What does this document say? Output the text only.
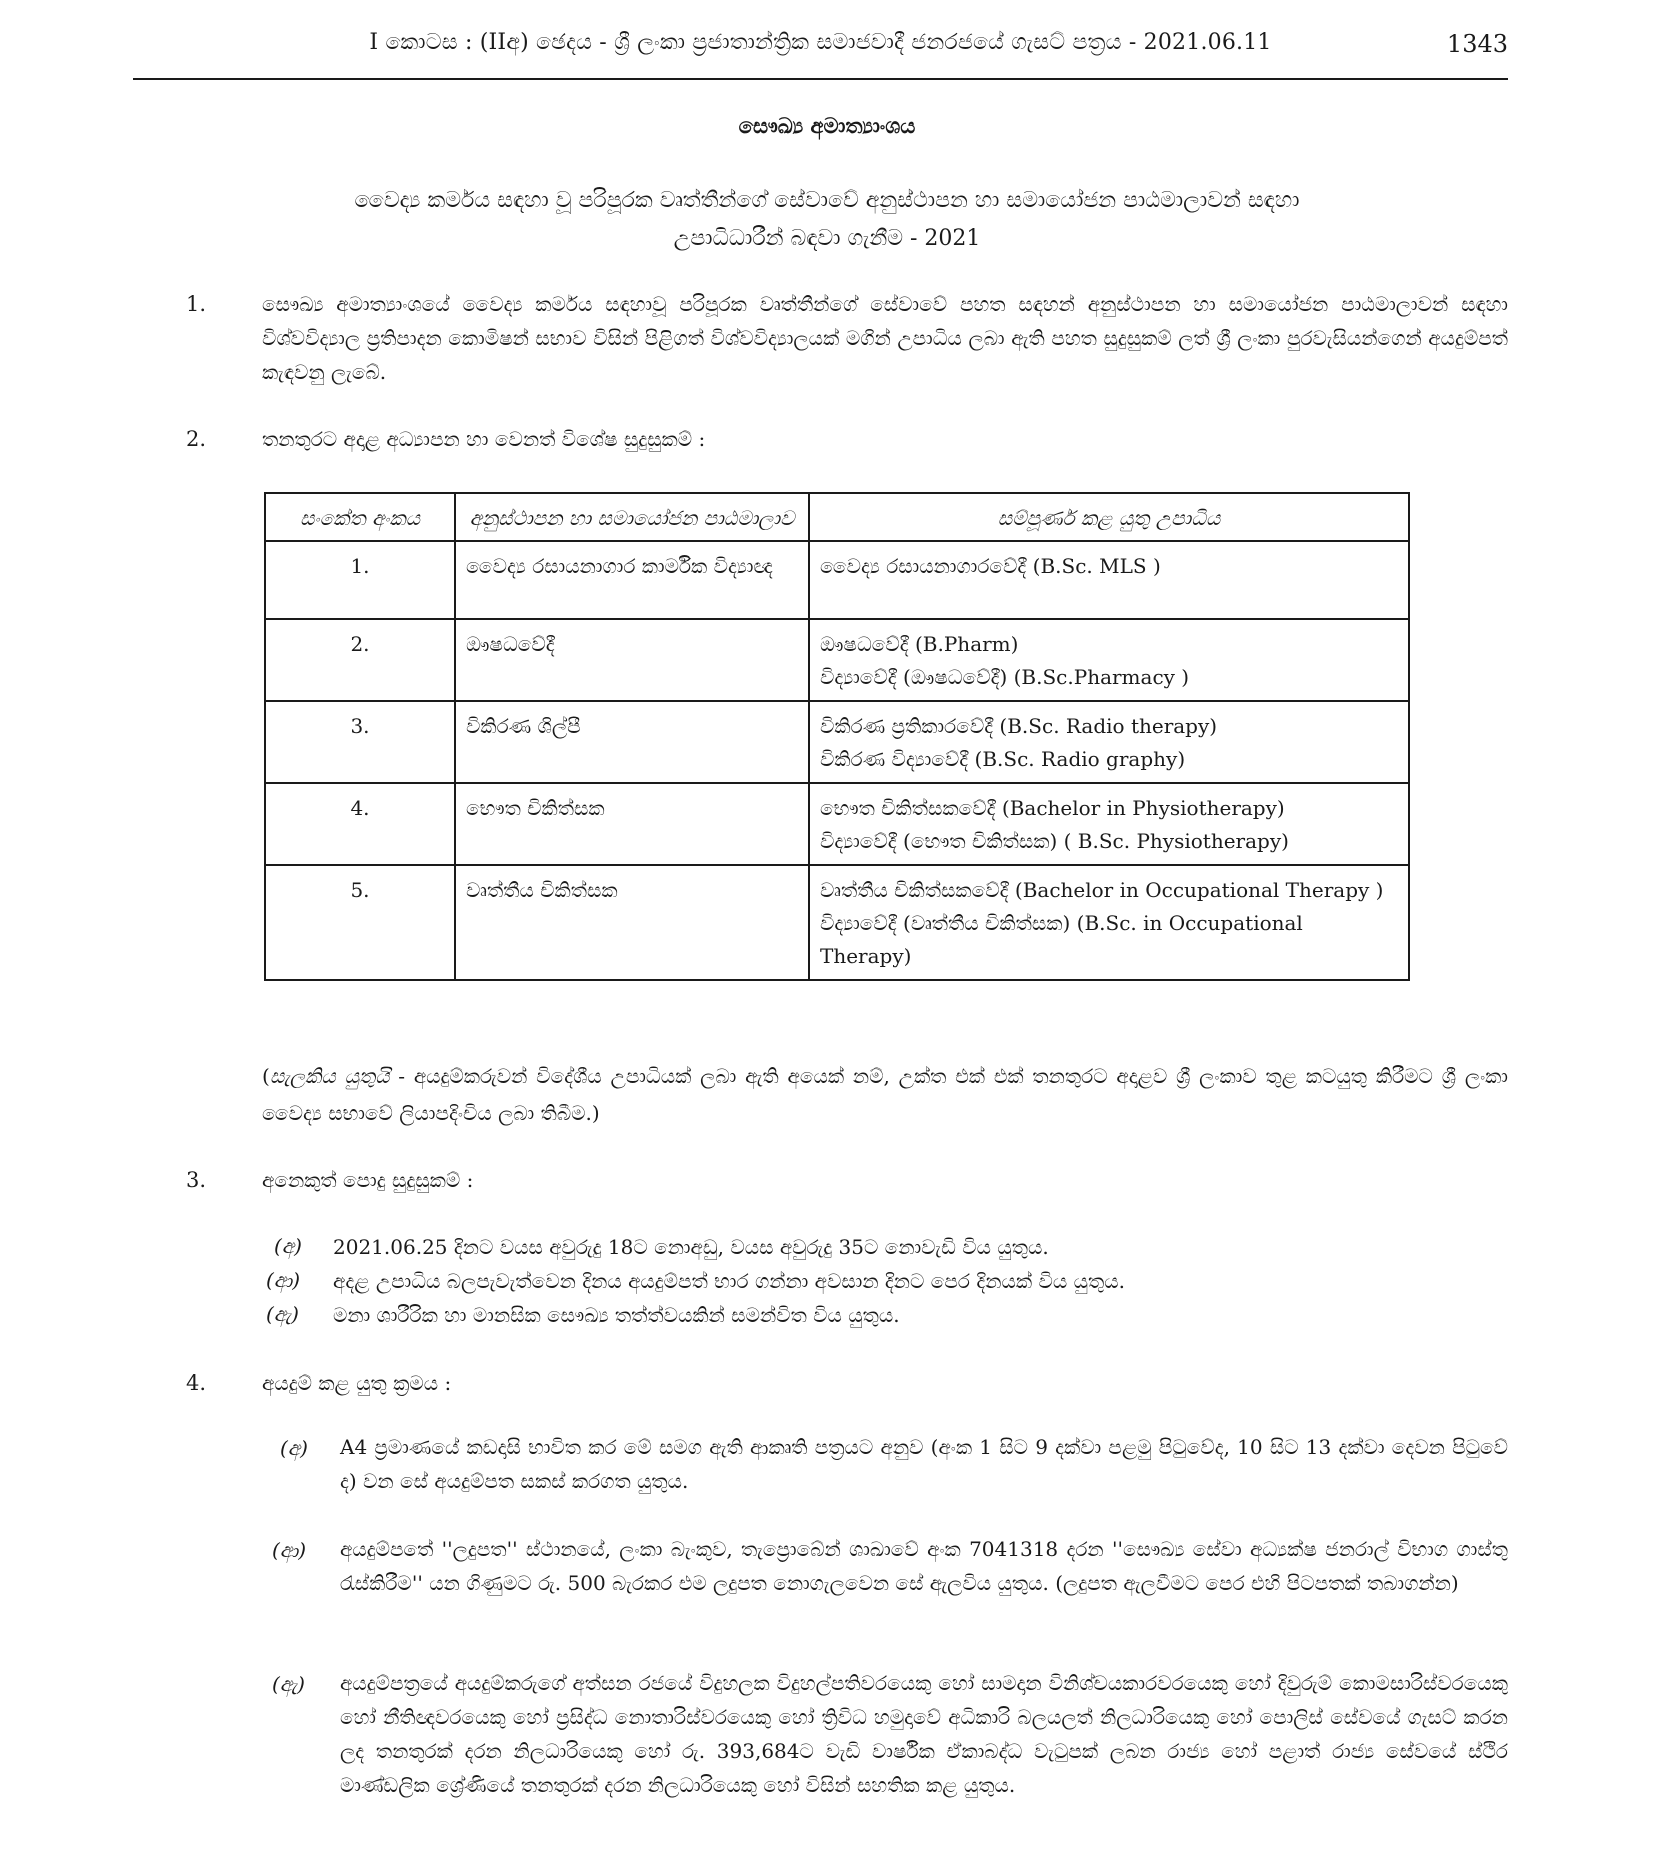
I කොටස : (IIඅ) ඡෙදය - ශ්‍රී ලංකා ප්‍රජාතාන්ත්‍රික සමාජවාදී ජනරජයේ ගැසට් පත්‍රය - 2021.06.11	1343
සෞඛ්‍ය අමාත්‍යාංශය
වෛද්‍ය කර්මය සඳහා වූ පරිපූරක වෘත්තීන්ගේ සේවාවේ අනුස්ථාපන හා සමායෝජන පාඨමාලාවන් සඳහා
උපාධිධාරීන් බඳවා ගැනීම - 2021
1.	සෞඛ්‍ය අමාත්‍යාංශයේ වෛද්‍ය කර්මය සඳහාවූ පරිපූරක වෘත්තීන්ගේ සේවාවේ පහත සඳහන් අනුස්ථාපන හා සමායෝජන පාඨමාලාවන් සඳහා විශ්වවිද්‍යාල ප්‍රතිපාදන කොමිෂන් සභාව විසින් පිළිගත් විශ්වවිද්‍යාලයක් මගින් උපාධිය ලබා ඇති පහත සුදුසුකම් ලත් ශ්‍රී ලංකා පුරවැසියන්ගෙන් අයදුම්පත් කැඳවනු ලැබේ.
2.	තනතුරට අදාළ අධ්‍යාපන හා වෙනත් විශේෂ සුදුසුකම් :
සංකේත අංකය	අනුස්ථාපන හා සමායෝජන පාඨමාලාව	සම්පූර්ණ කළ යුතු උපාධිය
1.	වෛද්‍ය රසායනාගාර කාර්මික විද්‍යාඥ	වෛද්‍ය රසායනාගාරවේදී (B.Sc. MLS )

2.	ඖෂධවේදී	ඖෂධවේදී (B.Pharm)
විද්‍යාවේදී (ඖෂධවේදී) (B.Sc.Pharmacy )

3.	විකිරණ ශිල්පී	විකිරණ ප්‍රතිකාරවේදී (B.Sc. Radio therapy)
විකිරණ විද්‍යාවේදී (B.Sc. Radio graphy)

4.	භෞත චිකිත්සක	භෞත චිකිත්සකවේදී (Bachelor in Physiotherapy)
විද්‍යාවේදී (භෞත චිකිත්සක) ( B.Sc. Physiotherapy)

5.	වෘත්තීය චිකිත්සක	වෘත්තීය චිකිත්සකවේදී (Bachelor in Occupational Therapy )
විද්‍යාවේදී (වෘත්තීය චිකිත්සක) (B.Sc. in Occupational Therapy)
(සැලකිය යුතුයි - අයදුම්කරුවන් විදේශීය උපාධියක් ලබා ඇති අයෙක් නම්, උක්ත එක් එක් තනතුරට අදාළව ශ්‍රී ලංකාව තුළ කටයුතු කිරීමට ශ්‍රී ලංකා වෛද්‍ය සභාවේ ලියාපදිංචිය ලබා තිබීම.)
3.	අනෙකුත් පොදු සුදුසුකම් :
(අ) 2021.06.25 දිනට වයස අවුරුදු 18ට නොඅඩු, වයස අවුරුදු 35ට නොවැඩි විය යුතුය.
(ආ) අදළ උපාධිය බලපැවැත්වෙන දිනය අයදුම්පත් භාර ගන්නා අවසාන දිනට පෙර දිනයක් විය යුතුය.
(ඇ) මනා ශාරීරික හා මානසික සෞඛ්‍ය තත්ත්වයකින් සමන්විත විය යුතුය.
4.	අයදුම් කළ යුතු ක්‍රමය :
(අ) A4 ප්‍රමාණයේ කඩදාසි භාවිත කර මේ සමග ඇති ආකෘති පත්‍රයට අනුව (අංක 1 සිට 9 දක්වා පළමු පිටුවේද, 10 සිට 13 දක්වා දෙවන පිටුවේ ද) වන සේ අයදුම්පත සකස් කරගත යුතුය.
(ආ) අයදුම්පතේ ''ලදුපත'' ස්ථානයේ, ලංකා බැංකුව, තැප්‍රොබේන් ශාඛාවේ අංක 7041318 දරන ''සෞඛ්‍ය සේවා අධ්‍යක්ෂ ජනරාල් විභාග ගාස්තු රැස්කිරීම'' යන ගිණුමට රු. 500 බැරකර එම ලදුපත නොගැලවෙන සේ ඇලවිය යුතුය. (ලදුපත ඇලවීමට පෙර එහි පිටපතක් තබාගන්න)
(ඇ) අයදුම්පත්‍රයේ අයදුම්කරුගේ අත්සන රජයේ විදුහලක විදුහල්පතිවරයෙකු හෝ සාමදාන විනිශ්චයකාරවරයෙකු හෝ දිවුරුම් කොමසාරිස්වරයෙකු හෝ නීතිඥවරයෙකු හෝ ප්‍රසිද්ධ නොතාරිස්වරයෙකු හෝ ත්‍රිවිධ හමුදාවේ අධිකාරි බලයලත් නිලධාරියෙකු හෝ පොලිස් සේවයේ ගැසට් කරන ලද තනතුරක් දරන නිලධාරියෙකු හෝ රු. 393,684ට වැඩි වාර්ෂික ඒකාබද්ධ වැටුපක් ලබන රාජ්‍ය හෝ පළාත් රාජ්‍ය සේවයේ ස්ථිර මාණ්ඩලික ශ්‍රේණියේ තනතුරක් දරන නිලධාරියෙකු හෝ විසින් සහතික කළ යුතුය.
